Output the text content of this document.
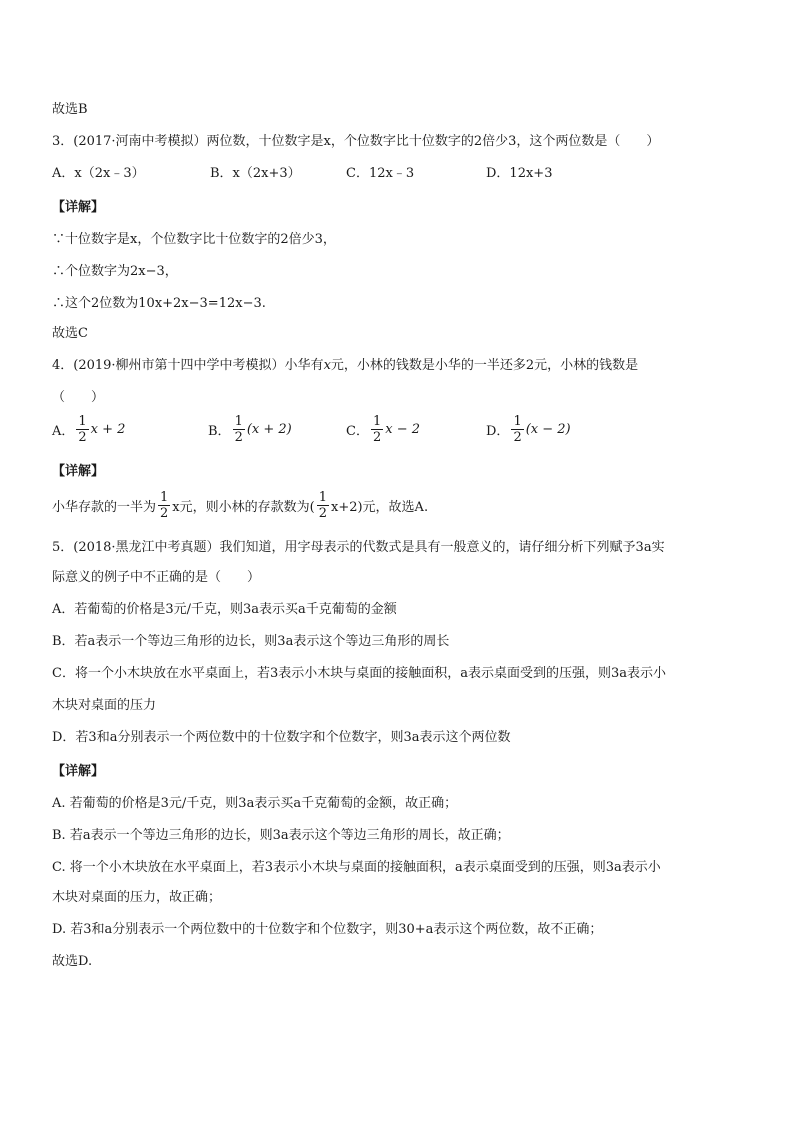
故选B
3．(2017·河南中考模拟）两位数，十位数字是x，个位数字比十位数字的2倍少3，这个两位数是（　　）
A．x（2x﹣3）	B．x（2x+3）	C．12x﹣3	D．12x+3
【详解】
∵十位数字是x，个位数字比十位数字的2倍少3，
∴个位数字为2x−3，
∴这个2位数为10x+2x−3=12x−3.
故选C
4．(2019·柳州市第十四中学中考模拟）小华有x元，小林的钱数是小华的一半还多2元，小林的钱数是
（　　）
A． $\frac{1}{2}$ x + 2	B． $\frac{1}{2} (x + 2)$	C． $\frac{1}{2}$ x − 2	D． $\frac{1}{2} (x - 2)$
【详解】
小华存款的一半为 $\frac{1}{2}$ x元，则小林的存款数为( $\frac{1}{2} x+2$)元，故选A.
5．(2018·黑龙江中考真题）我们知道，用字母表示的代数式是具有一般意义的，请仔细分析下列赋予3a实
际意义的例子中不正确的是（　　）
A．若葡萄的价格是3元/千克，则3a表示买a千克葡萄的金额
B．若a表示一个等边三角形的边长，则3a表示这个等边三角形的周长
C．将一个小木块放在水平桌面上，若3表示小木块与桌面的接触面积，a表示桌面受到的压强，则3a表示小
木块对桌面的压力
D．若3和a分别表示一个两位数中的十位数字和个位数字，则3a表示这个两位数
【详解】
A. 若葡萄的价格是3元/千克，则3a表示买a千克葡萄的金额，故正确；
B. 若a表示一个等边三角形的边长，则3a表示这个等边三角形的周长，故正确；
C. 将一个小木块放在水平桌面上，若3表示小木块与桌面的接触面积，a表示桌面受到的压强，则3a表示小
木块对桌面的压力，故正确；
D. 若3和a分别表示一个两位数中的十位数字和个位数字，则30+a表示这个两位数，故不正确；
故选D.
